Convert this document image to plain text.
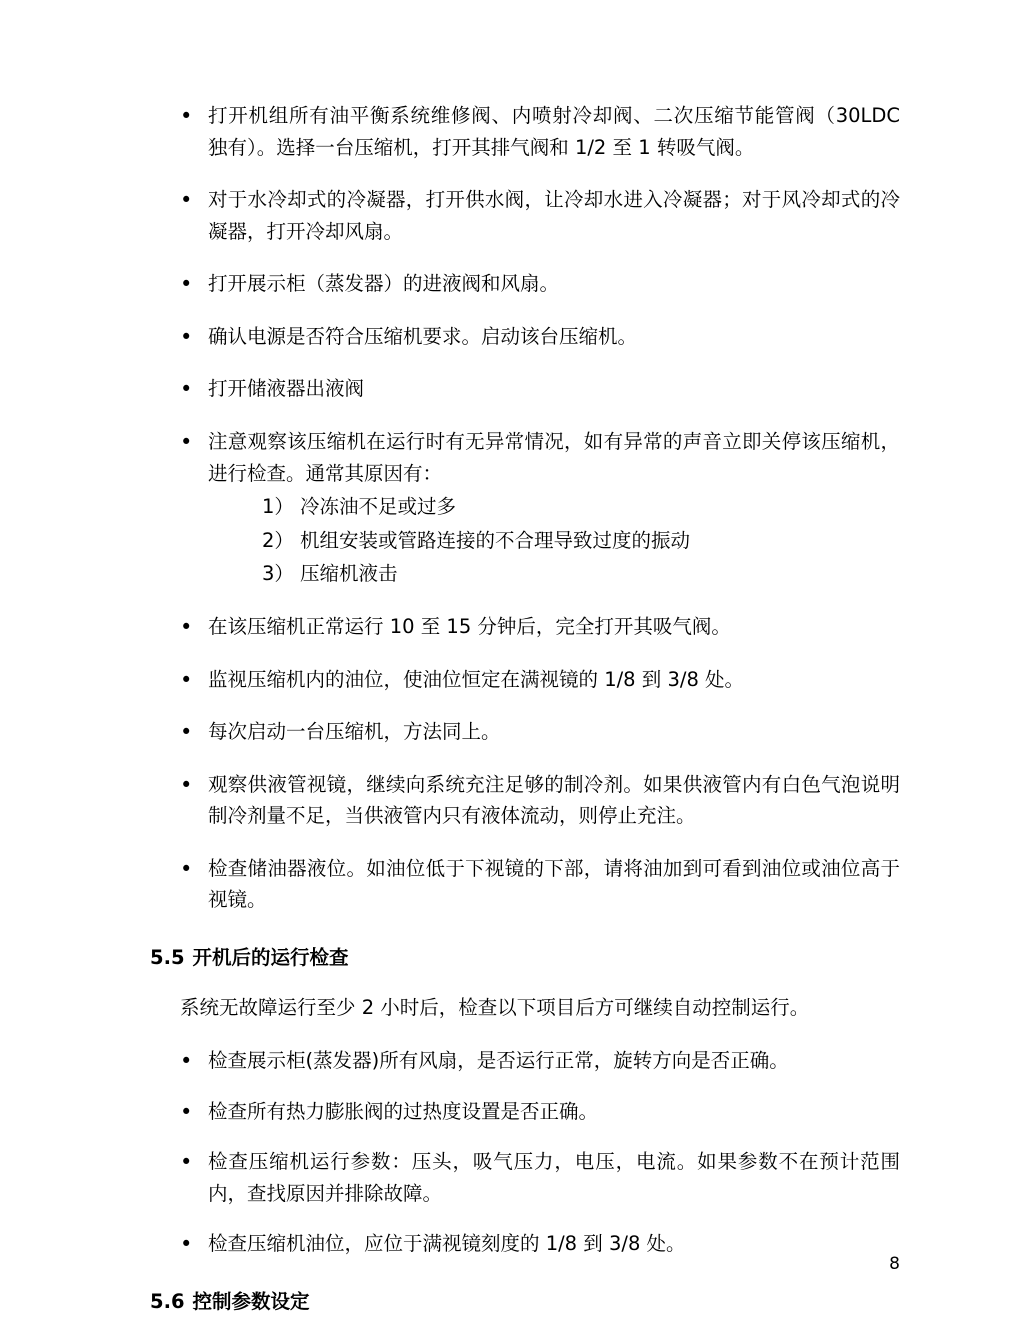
• 打开机组所有油平衡系统维修阀、内喷射冷却阀、二次压缩节能管阀（30LDC 独有）。选择一台压缩机，打开其排气阀和 1/2 至 1 转吸气阀。
• 对于水冷却式的冷凝器，打开供水阀，让冷却水进入冷凝器；对于风冷却式的冷凝器，打开冷却风扇。
• 打开展示柜（蒸发器）的进液阀和风扇。
• 确认电源是否符合压缩机要求。启动该台压缩机。
• 打开储液器出液阀
• 注意观察该压缩机在运行时有无异常情况，如有异常的声音立即关停该压缩机，进行检查。通常其原因有：
1） 冷冻油不足或过多
2） 机组安装或管路连接的不合理导致过度的振动
3） 压缩机液击
• 在该压缩机正常运行 10 至 15 分钟后，完全打开其吸气阀。
• 监视压缩机内的油位，使油位恒定在满视镜的 1/8 到 3/8 处。
• 每次启动一台压缩机，方法同上。
• 观察供液管视镜，继续向系统充注足够的制冷剂。如果供液管内有白色气泡说明制冷剂量不足，当供液管内只有液体流动，则停止充注。
• 检查储油器液位。如油位低于下视镜的下部，请将油加到可看到油位或油位高于视镜。
5.5 开机后的运行检查
系统无故障运行至少 2 小时后，检查以下项目后方可继续自动控制运行。
• 检查展示柜(蒸发器)所有风扇，是否运行正常，旋转方向是否正确。
• 检查所有热力膨胀阀的过热度设置是否正确。
• 检查压缩机运行参数：压头，吸气压力，电压，电流。如果参数不在预计范围内，查找原因并排除故障。
• 检查压缩机油位，应位于满视镜刻度的 1/8 到 3/8 处。
5.6 控制参数设定
8
